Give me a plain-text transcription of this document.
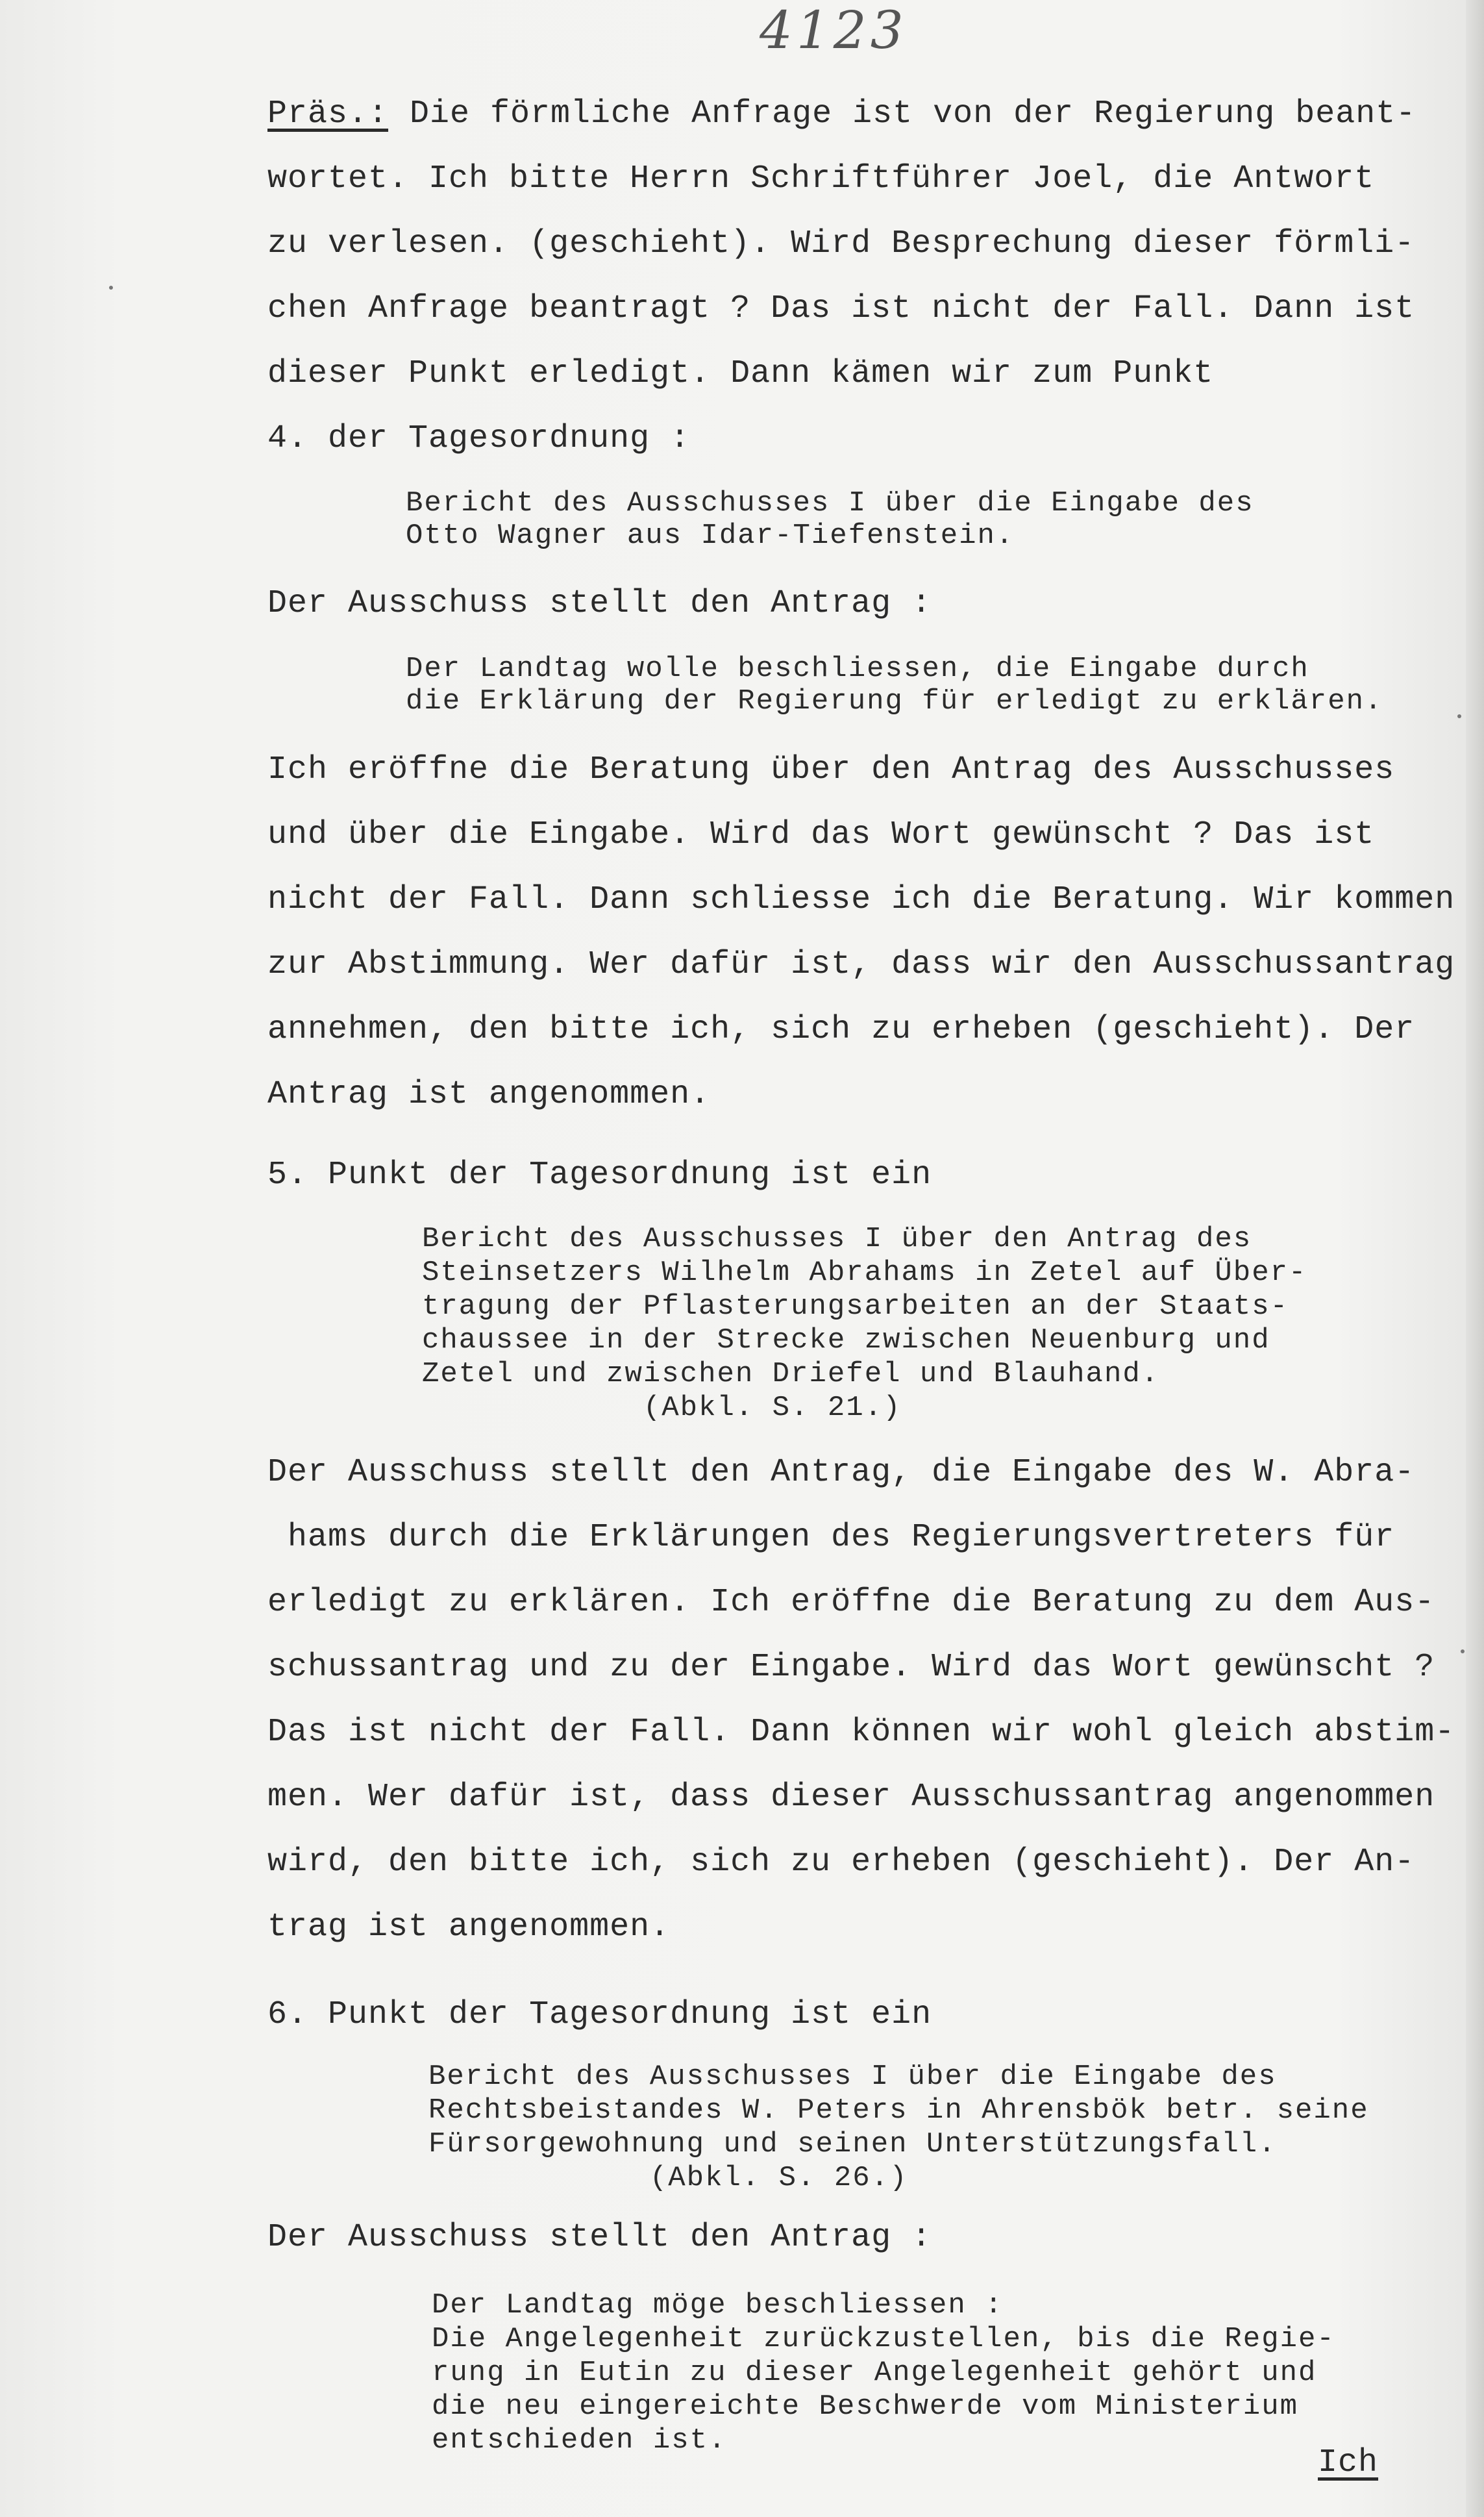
4123
Präs.: Die förmliche Anfrage ist von der Regierung beant-
wortet. Ich bitte Herrn Schriftführer Joel, die Antwort
zu verlesen. (geschieht). Wird Besprechung dieser förmli-
chen Anfrage beantragt ? Das ist nicht der Fall. Dann ist
dieser Punkt erledigt. Dann kämen wir zum Punkt
4. der Tagesordnung :
Bericht des Ausschusses I über die Eingabe des
Otto Wagner aus Idar-Tiefenstein.
Der Ausschuss stellt den Antrag :
Der Landtag wolle beschliessen, die Eingabe durch
die Erklärung der Regierung für erledigt zu erklären.
Ich eröffne die Beratung über den Antrag des Ausschusses
und über die Eingabe. Wird das Wort gewünscht ? Das ist
nicht der Fall. Dann schliesse ich die Beratung. Wir kommen
zur Abstimmung. Wer dafür ist, dass wir den Ausschussantrag
annehmen, den bitte ich, sich zu erheben (geschieht). Der
Antrag ist angenommen.
5. Punkt der Tagesordnung ist ein
Bericht des Ausschusses I über den Antrag des
Steinsetzers Wilhelm Abrahams in Zetel auf Über-
tragung der Pflasterungsarbeiten an der Staats-
chaussee in der Strecke zwischen Neuenburg und
Zetel und zwischen Driefel und Blauhand.
(Abkl. S. 21.)
Der Ausschuss stellt den Antrag, die Eingabe des W. Abra-
hams durch die Erklärungen des Regierungsvertreters für
erledigt zu erklären. Ich eröffne die Beratung zu dem Aus-
schussantrag und zu der Eingabe. Wird das Wort gewünscht ?
Das ist nicht der Fall. Dann können wir wohl gleich abstim-
men. Wer dafür ist, dass dieser Ausschussantrag angenommen
wird, den bitte ich, sich zu erheben (geschieht). Der An-
trag ist angenommen.
6. Punkt der Tagesordnung ist ein
Bericht des Ausschusses I über die Eingabe des
Rechtsbeistandes W. Peters in Ahrensbök betr. seine
Fürsorgewohnung und seinen Unterstützungsfall.
(Abkl. S. 26.)
Der Ausschuss stellt den Antrag :
Der Landtag möge beschliessen :
Die Angelegenheit zurückzustellen, bis die Regie-
rung in Eutin zu dieser Angelegenheit gehört und
die neu eingereichte Beschwerde vom Ministerium
entschieden ist.
Ich
